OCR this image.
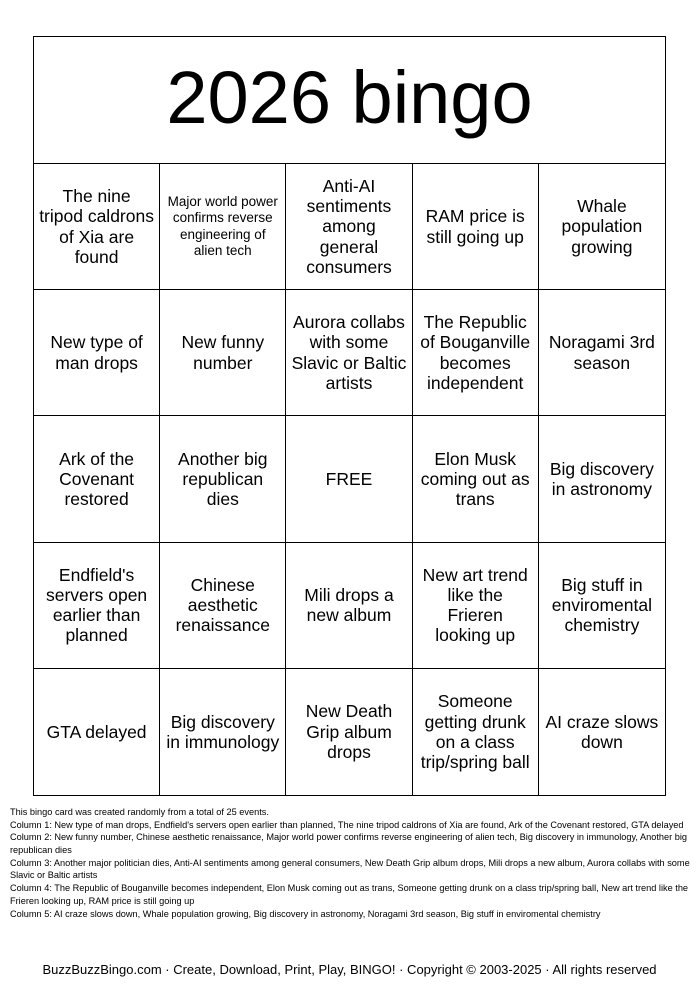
2026 bingo
The nine tripod caldrons of Xia are found
Major world power confirms reverse engineering of alien tech
Anti-AI sentiments among general consumers
RAM price is still going up
Whale population growing
New type of man drops
New funny number
Aurora collabs with some Slavic or Baltic artists
The Republic of Bouganville becomes independent
Noragami 3rd season
Ark of the Covenant restored
Another big republican dies
FREE
Elon Musk coming out as trans
Big discovery in astronomy
Endfield's servers open earlier than planned
Chinese aesthetic renaissance
Mili drops a new album
New art trend like the Frieren looking up
Big stuff in enviromental chemistry
GTA delayed
Big discovery in immunology
New Death Grip album drops
Someone getting drunk on a class trip/spring ball
AI craze slows down
This bingo card was created randomly from a total of 25 events.
Column 1: New type of man drops, Endfield's servers open earlier than planned, The nine tripod caldrons of Xia are found, Ark of the Covenant restored, GTA delayed
Column 2: New funny number, Chinese aesthetic renaissance, Major world power confirms reverse engineering of alien tech, Big discovery in immunology, Another big republican dies
Column 3: Another major politician dies, Anti-AI sentiments among general consumers, New Death Grip album drops, Mili drops a new album, Aurora collabs with some Slavic or Baltic artists
Column 4: The Republic of Bouganville becomes independent, Elon Musk coming out as trans, Someone getting drunk on a class trip/spring ball, New art trend like the Frieren looking up, RAM price is still going up
Column 5: AI craze slows down, Whale population growing, Big discovery in astronomy, Noragami 3rd season, Big stuff in enviromental chemistry
BuzzBuzzBingo.com · Create, Download, Print, Play, BINGO! · Copyright © 2003-2025 · All rights reserved
